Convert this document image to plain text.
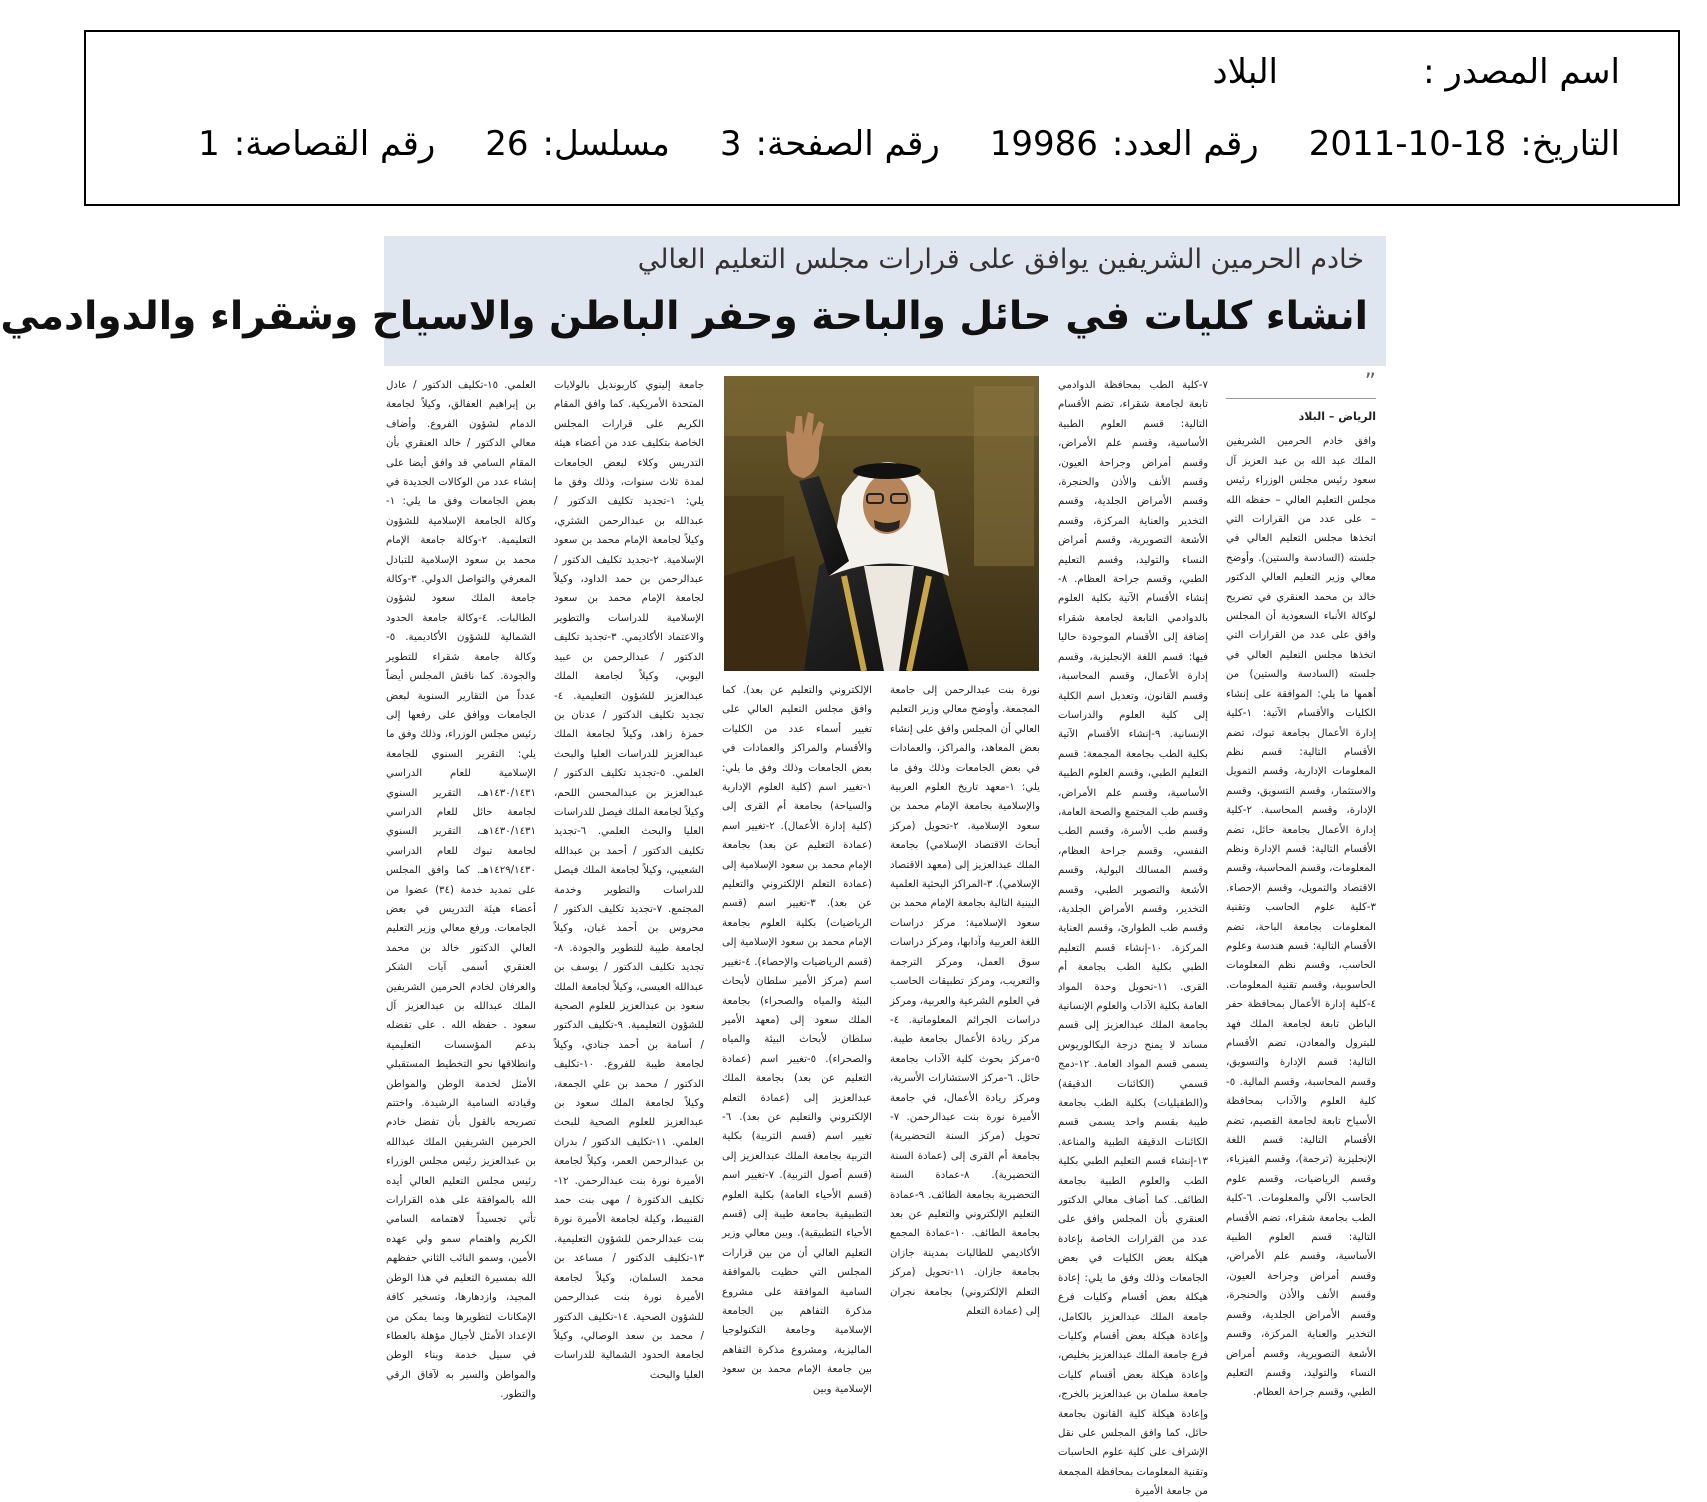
اسم المصدر :
البلاد
التاريخ:
2011-10-18
رقم العدد:
19986
رقم الصفحة:
3
مسلسل:
26
رقم القصاصة:
1
خادم الحرمين الشريفين يوافق على قرارات مجلس التعليم العالي
انشاء كليات في حائل والباحة وحفر الباطن والاسياح وشقراء والدوادمي
”
الرياض – البلاد

وافق خادم الحرمين الشريفين الملك عبد الله بن عبد العزيز آل سعود رئيس مجلس الوزراء رئيس مجلس التعليم العالي – حفظه الله – على عدد من القرارات التي اتخذها مجلس التعليم العالي في جلسته (السادسة والستين). وأوضح معالي وزير التعليم العالي الدكتور خالد بن محمد العنقري في تصريح لوكالة الأنباء السعودية أن المجلس وافق على عدد من القرارات التي اتخذها مجلس التعليم العالي في جلسته (السادسة والستين) من أهمها ما يلي: الموافقة على إنشاء الكليات والأقسام الآتية: ١-كلية إدارة الأعمال بجامعة تبوك، تضم الأقسام التالية: قسم نظم المعلومات الإدارية، وقسم التمويل والاستثمار، وقسم التسويق، وقسم الإدارة، وقسم المحاسبة. ٢-كلية إدارة الأعمال بجامعة حائل، تضم الأقسام التالية: قسم الإدارة ونظم المعلومات، وقسم المحاسبة، وقسم الاقتصاد والتمويل، وقسم الإحصاء. ٣-كلية علوم الحاسب وتقنية المعلومات بجامعة الباحة، تضم الأقسام التالية: قسم هندسة وعلوم الحاسب، وقسم نظم المعلومات الحاسوبية، وقسم تقنية المعلومات. ٤-كلية إدارة الأعمال بمحافظة حفر الباطن تابعة لجامعة الملك فهد للبترول والمعادن، تضم الأقسام التالية: قسم الإدارة والتسويق، وقسم المحاسبة، وقسم المالية. ٥-كلية العلوم والآداب بمحافظة الأسياح تابعة لجامعة القصيم، تضم الأقسام التالية: قسم اللغة الإنجليزية (ترجمة)، وقسم الفيزياء، وقسم الرياضيات، وقسم علوم الحاسب الآلي والمعلومات. ٦-كلية الطب بجامعة شقراء، تضم الأقسام التالية: قسم العلوم الطبية الأساسية، وقسم علم الأمراض، وقسم أمراض وجراحة العيون، وقسم الأنف والأذن والحنجرة، وقسم الأمراض الجلدية، وقسم التخدير والعناية المركزة، وقسم الأشعة التصويرية، وقسم أمراض النساء والتوليد، وقسم التعليم الطبي، وقسم جراحة العظام.

٧-كلية الطب بمحافظة الدوادمي تابعة لجامعة شقراء، تضم الأقسام التالية: قسم العلوم الطبية الأساسية، وقسم علم الأمراض، وقسم أمراض وجراحة العيون، وقسم الأنف والأذن والحنجرة، وقسم الأمراض الجلدية، وقسم التخدير والعناية المركزة، وقسم الأشعة التصويرية، وقسم أمراض النساء والتوليد، وقسم التعليم الطبي، وقسم جراحة العظام. ٨-إنشاء الأقسام الآتية بكلية العلوم بالدوادمي التابعة لجامعة شقراء إضافة إلى الأقسام الموجودة حاليا فيها: قسم اللغة الإنجليزية، وقسم إدارة الأعمال، وقسم المحاسبة، وقسم القانون، وتعديل اسم الكلية إلى كلية العلوم والدراسات الإنسانية. ٩-إنشاء الأقسام الآتية بكلية الطب بجامعة المجمعة: قسم التعليم الطبي، وقسم العلوم الطبية الأساسية، وقسم علم الأمراض، وقسم طب المجتمع والصحة العامة، وقسم طب الأسرة، وقسم الطب النفسي، وقسم جراحة العظام، وقسم المسالك البولية، وقسم الأشعة والتصوير الطبي، وقسم التخدير، وقسم الأمراض الجلدية، وقسم طب الطوارئ، وقسم العناية المركزة. ١٠-إنشاء قسم التعليم الطبي بكلية الطب بجامعة أم القرى. ١١-تحويل وحدة المواد العامة بكلية الآداب والعلوم الإنسانية بجامعة الملك عبدالعزيز إلى قسم مساند لا يمنح درجة البكالوريوس يسمى قسم المواد العامة. ١٢-دمج قسمي (الكائنات الدقيقة) و(الطفيليات) بكلية الطب بجامعة طيبة بقسم واحد يسمى قسم الكائنات الدقيقة الطبية والمناعة. ١٣-إنشاء قسم التعليم الطبي بكلية الطب والعلوم الطبية بجامعة الطائف. كما أضاف معالي الدكتور العنقري بأن المجلس وافق على عدد من القرارات الخاصة بإعادة هيكلة بعض الكليات في بعض الجامعات وذلك وفق ما يلي: إعادة هيكلة بعض أقسام وكليات فرع جامعة الملك عبدالعزيز بالكامل، وإعادة هيكلة بعض أقسام وكليات فرع جامعة الملك عبدالعزيز بخليص، وإعادة هيكلة بعض أقسام كليات جامعة سلمان بن عبدالعزيز بالخرج، وإعادة هيكلة كلية القانون بجامعة حائل، كما وافق المجلس على نقل الإشراف على كلية علوم الحاسبات وتقنية المعلومات بمحافظة المجمعة من جامعة الأميرة

نورة بنت عبدالرحمن إلى جامعة المجمعة. وأوضح معالي وزير التعليم العالي أن المجلس وافق على إنشاء بعض المعاهد، والمراكز، والعمادات في بعض الجامعات وذلك وفق ما يلي: ١-معهد تاريخ العلوم العربية والإسلامية بجامعة الإمام محمد بن سعود الإسلامية. ٢-تحويل (مركز أبحاث الاقتصاد الإسلامي) بجامعة الملك عبدالعزيز إلى (معهد الاقتصاد الإسلامي). ٣-المراكز البحثية العلمية البينية التالية بجامعة الإمام محمد بن سعود الإسلامية: مركز دراسات اللغة العربية وآدابها، ومركز دراسات سوق العمل، ومركز الترجمة والتعريب، ومركز تطبيقات الحاسب في العلوم الشرعية والعربية، ومركز دراسات الجرائم المعلوماتية. ٤-مركز ريادة الأعمال بجامعة طيبة. ٥-مركز بحوث كلية الآداب بجامعة حائل. ٦-مركز الاستشارات الأسرية، ومركز ريادة الأعمال، في جامعة الأميرة نورة بنت عبدالرحمن. ٧-تحويل (مركز السنة التحضيرية) بجامعة أم القرى إلى (عمادة السنة التحضيرية). ٨-عمادة السنة التحضيرية بجامعة الطائف. ٩-عمادة التعليم الإلكتروني والتعليم عن بعد بجامعة الطائف. ١٠-عمادة المجمع الأكاديمي للطالبات بمدينة جازان بجامعة جازان. ١١-تحويل (مركز التعلم الإلكتروني) بجامعة نجران إلى (عمادة التعلم

الإلكتروني والتعليم عن بعد). كما وافق مجلس التعليم العالي على تغيير أسماء عدد من الكليات والأقسام والمراكز والعمادات في بعض الجامعات وذلك وفق ما يلي: ١-تغيير اسم (كلية العلوم الإدارية والسياحة) بجامعة أم القرى إلى (كلية إدارة الأعمال). ٢-تغيير اسم (عمادة التعليم عن بعد) بجامعة الإمام محمد بن سعود الإسلامية إلى (عمادة التعلم الإلكتروني والتعليم عن بعد). ٣-تغيير اسم (قسم الرياضيات) بكلية العلوم بجامعة الإمام محمد بن سعود الإسلامية إلى (قسم الرياضيات والإحصاء). ٤-تغيير اسم (مركز الأمير سلطان لأبحاث البيئة والمياه والصحراء) بجامعة الملك سعود إلى (معهد الأمير سلطان لأبحاث البيئة والمياه والصحراء). ٥-تغيير اسم (عمادة التعليم عن بعد) بجامعة الملك عبدالعزيز إلى (عمادة التعلم الإلكتروني والتعليم عن بعد). ٦-تغيير اسم (قسم التربية) بكلية التربية بجامعة الملك عبدالعزيز إلى (قسم أصول التربية). ٧-تغيير اسم (قسم الأحياء العامة) بكلية العلوم التطبيقية بجامعة طيبة إلى (قسم الأحياء التطبيقية). وبين معالي وزير التعليم العالي أن من بين قرارات المجلس التي حظيت بالموافقة السامية الموافقة على مشروع مذكرة التفاهم بين الجامعة الإسلامية وجامعة التكنولوجيا الماليزية، ومشروع مذكرة التفاهم بين جامعة الإمام محمد بن سعود الإسلامية وبين

جامعة إلينوي كاربونديل بالولايات المتحدة الأمريكية. كما وافق المقام الكريم على قرارات المجلس الخاصة بتكليف عدد من أعضاء هيئة التدريس وكلاء لبعض الجامعات لمدة ثلاث سنوات، وذلك وفق ما يلي: ١-تجديد تكليف الدكتور / عبدالله بن عبدالرحمن الشثري، وكيلاً لجامعة الإمام محمد بن سعود الإسلامية. ٢-تجديد تكليف الدكتور / عبدالرحمن بن حمد الداود، وكيلاً لجامعة الإمام محمد بن سعود الإسلامية للدراسات والتطوير والاعتماد الأكاديمي. ٣-تجديد تكليف الدكتور / عبدالرحمن بن عبيد اليوبي، وكيلاً لجامعة الملك عبدالعزيز للشؤون التعليمية. ٤-تجديد تكليف الدكتور / عدنان بن حمزة زاهد، وكيلاً لجامعة الملك عبدالعزيز للدراسات العليا والبحث العلمي. ٥-تجديد تكليف الدكتور / عبدالعزيز بن عبدالمحسن اللحم، وكيلاً لجامعة الملك فيصل للدراسات العليا والبحث العلمي. ٦-تجديد تكليف الدكتور / أحمد بن عبدالله الشعيبي، وكيلاً لجامعة الملك فيصل للدراسات والتطوير وخدمة المجتمع. ٧-تجديد تكليف الدكتور / محروس بن أحمد غبان، وكيلاً لجامعة طيبة للتطوير والجودة. ٨-تجديد تكليف الدكتور / يوسف بن عبدالله العيسى، وكيلاً لجامعة الملك سعود بن عبدالعزيز للعلوم الصحية للشؤون التعليمية. ٩-تكليف الدكتور / أسامة بن أحمد جنادي، وكيلاً لجامعة طيبة للفروع. ١٠-تكليف الدكتور / محمد بن علي الجمعة، وكيلاً لجامعة الملك سعود بن عبدالعزيز للعلوم الصحية للبحث العلمي. ١١-تكليف الدكتور / بدران بن عبدالرحمن العمر، وكيلاً لجامعة الأميرة نورة بنت عبدالرحمن. ١٢-تكليف الدكتورة / مهى بنت حمد القنيبط، وكيلة لجامعة الأميرة نورة بنت عبدالرحمن للشؤون التعليمية. ١٣-تكليف الدكتور / مساعد بن محمد السلمان، وكيلاً لجامعة الأميرة نورة بنت عبدالرحمن للشؤون الصحية. ١٤-تكليف الدكتور / محمد بن سعد الوصالي، وكيلاً لجامعة الحدود الشمالية للدراسات العليا والبحث

العلمي. ١٥-تكليف الدكتور / عادل بن إبراهيم العفالق، وكيلاً لجامعة الدمام لشؤون الفروع. وأضاف معالي الدكتور / خالد العنقري بأن المقام السامي قد وافق أيضا على إنشاء عدد من الوكالات الجديدة في بعض الجامعات وفق ما يلي: ١-وكالة الجامعة الإسلامية للشؤون التعليمية. ٢-وكالة جامعة الإمام محمد بن سعود الإسلامية للتبادل المعرفي والتواصل الدولي. ٣-وكالة جامعة الملك سعود لشؤون الطالبات. ٤-وكالة جامعة الحدود الشمالية للشؤون الأكاديمية. ٥-وكالة جامعة شقراء للتطوير والجودة. كما ناقش المجلس أيضاً عدداً من التقارير السنوية لبعض الجامعات ووافق على رفعها إلى رئيس مجلس الوزراء، وذلك وفق ما يلي: التقرير السنوي للجامعة الإسلامية للعام الدراسي ١٤٣٠/١٤٣١هـ، التقرير السنوي لجامعة حائل للعام الدراسي ١٤٣٠/١٤٣١هـ، التقرير السنوي لجامعة تبوك للعام الدراسي ١٤٢٩/١٤٣٠هـ. كما وافق المجلس على تمديد خدمة (٣٤) عضوا من أعضاء هيئة التدريس في بعض الجامعات. ورفع معالي وزير التعليم العالي الدكتور خالد بن محمد العنقري أسمى آيات الشكر والعرفان لخادم الحرمين الشريفين الملك عبدالله بن عبدالعزيز آل سعود . حفظه الله . على تفضله بدعم المؤسسات التعليمية وانطلاقها نحو التخطيط المستقبلي الأمثل لخدمة الوطن والمواطن وقيادته السامية الرشيدة. واختتم تصريحه بالقول بأن تفضل خادم الحرمين الشريفين الملك عبدالله بن عبدالعزيز رئيس مجلس الوزراء رئيس مجلس التعليم العالي أيده الله بالموافقة على هذه القرارات تأتي تجسيداً لاهتمامه السامي الكريم واهتمام سمو ولي عهده الأمين، وسمو النائب الثاني حفظهم الله بمسيرة التعليم في هذا الوطن المجيد، وازدهارها، وتسخير كافة الإمكانات لتطويرها وبما يمكن من الإعداد الأمثل لأجيال مؤهلة بالعطاء في سبيل خدمة وبناء الوطن والمواطن والسير به لآفاق الرقي والتطور.
